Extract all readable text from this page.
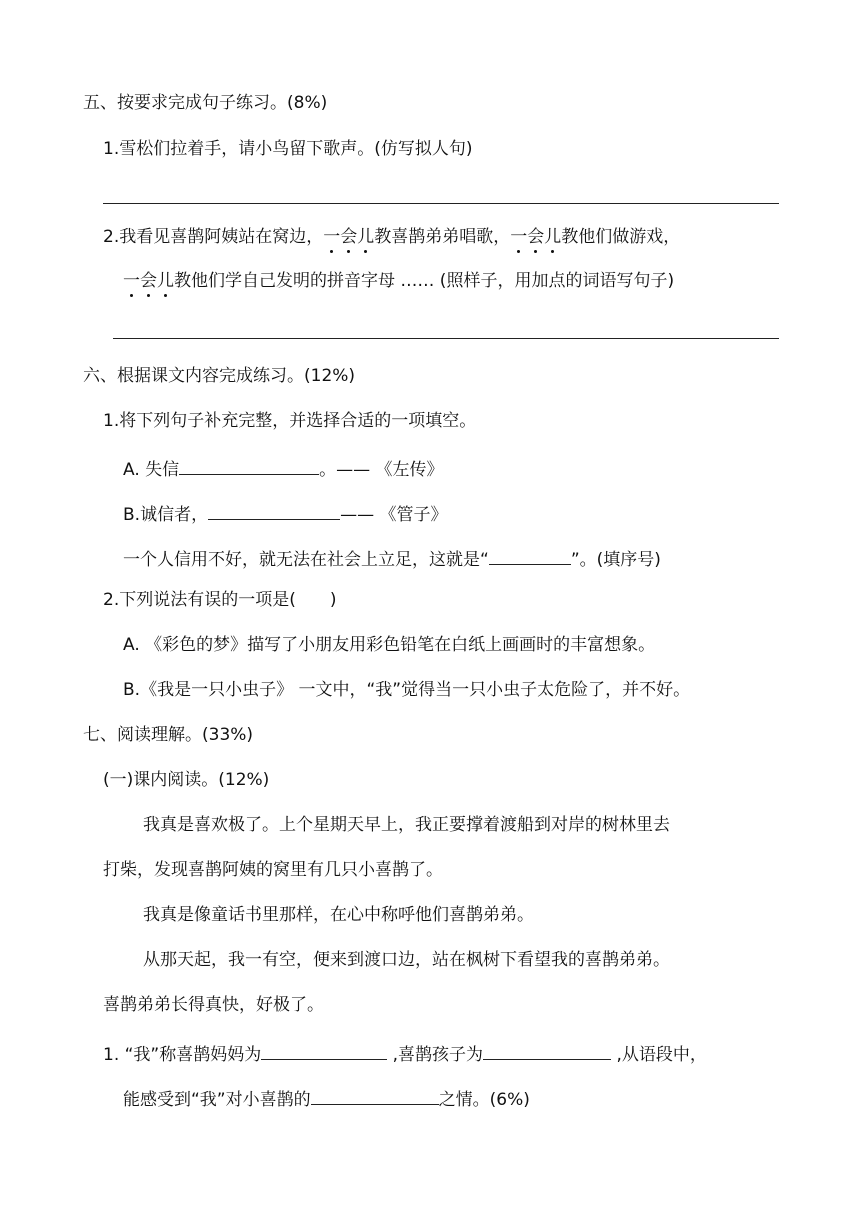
五、按要求完成句子练习。(8%)
1.雪松们拉着手，请小鸟留下歌声。(仿写拟人句)
2.我看见喜鹊阿姨站在窝边，一会儿教喜鹊弟弟唱歌，一会儿教他们做游戏，
一会儿教他们学自己发明的拼音字母 …… (照样子，用加点的词语写句子)
六、根据课文内容完成练习。(12%)
1.将下列句子补充完整，并选择合适的一项填空。
A. 失信	。—— 《左传》
B.诚信者，	—— 《管子》
一个人信用不好，就无法在社会上立足，这就是“	”。(填序号)
2.下列说法有误的一项是(　　)
A. 《彩色的梦》描写了小朋友用彩色铅笔在白纸上画画时的丰富想象。
B.《我是一只小虫子》 一文中，“我”觉得当一只小虫子太危险了，并不好。
七、阅读理解。(33%)
(一)课内阅读。(12%)
我真是喜欢极了。上个星期天早上，我正要撑着渡船到对岸的树林里去
打柴，发现喜鹊阿姨的窝里有几只小喜鹊了。
我真是像童话书里那样，在心中称呼他们喜鹊弟弟。
从那天起，我一有空，便来到渡口边，站在枫树下看望我的喜鹊弟弟。
喜鹊弟弟长得真快，好极了。
1. “我”称喜鹊妈妈为	,喜鹊孩子为	,从语段中，
能感受到“我”对小喜鹊的	之情。(6%)
